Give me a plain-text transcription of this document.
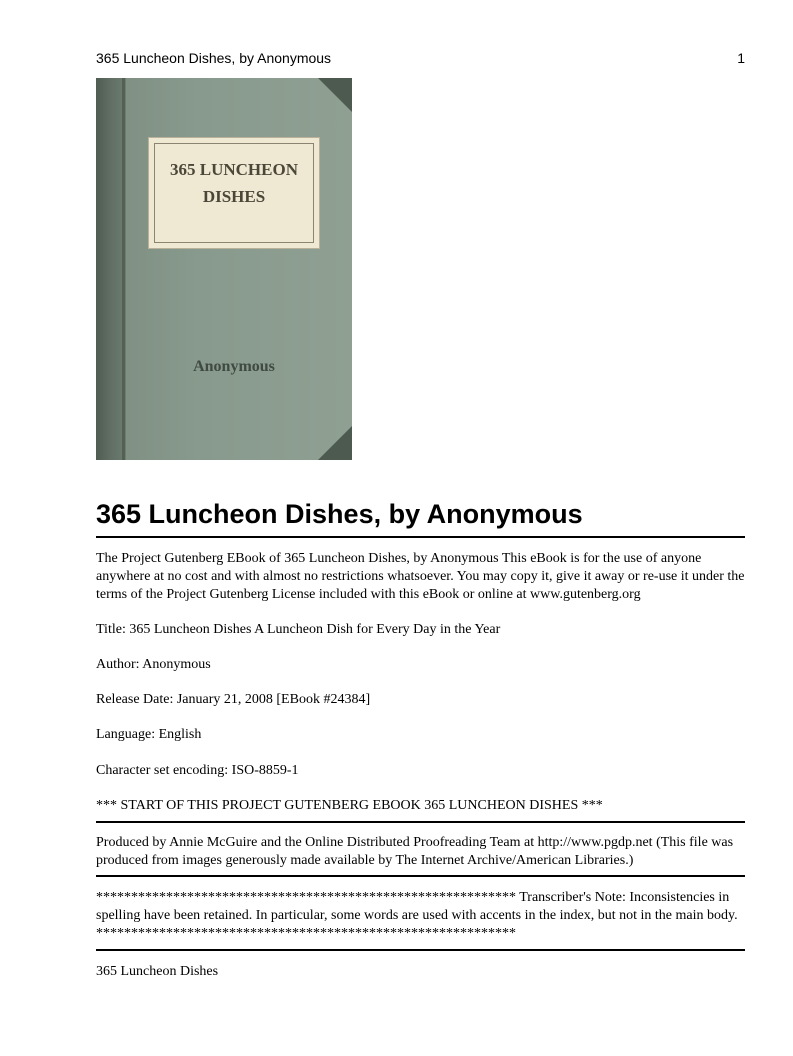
365 Luncheon Dishes, by Anonymous	1
365 LUNCHEON
DISHES
Anonymous
365 Luncheon Dishes, by Anonymous

The Project Gutenberg EBook of 365 Luncheon Dishes, by Anonymous This eBook is for the use of anyone anywhere at no cost and with almost no restrictions whatsoever. You may copy it, give it away or re-use it under the terms of the Project Gutenberg License included with this eBook or online at www.gutenberg.org

Title: 365 Luncheon Dishes A Luncheon Dish for Every Day in the Year

Author: Anonymous

Release Date: January 21, 2008 [EBook #24384]

Language: English

Character set encoding: ISO-8859-1

*** START OF THIS PROJECT GUTENBERG EBOOK 365 LUNCHEON DISHES ***

Produced by Annie McGuire and the Online Distributed Proofreading Team at http://www.pgdp.net (This file was produced from images generously made available by The Internet Archive/American Libraries.)

************************************************************ Transcriber's Note: Inconsistencies in spelling have been retained. In particular, some words are used with accents in the index, but not in the main body. ************************************************************

365 Luncheon Dishes
